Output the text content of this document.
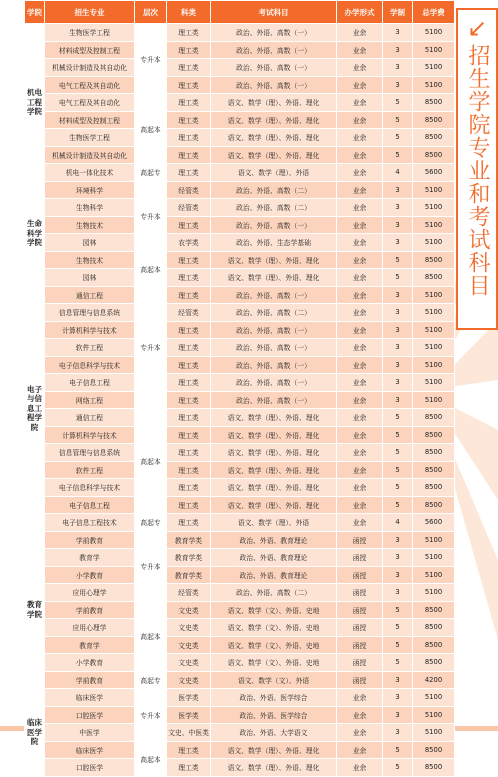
学院	招生专业	层次	科类	考试科目	办学形式	学制	总学费
机电工程学院	生物医学工程	专升本	理工类	政治、外语、高数（一）	业余	3	5100
	材料成型及控制工程		理工类	政治、外语、高数（一）	业余	3	5100
	机械设计制造及其自动化		理工类	政治、外语、高数（一）	业余	3	5100
	电气工程及其自动化		理工类	政治、外语、高数（一）	业余	3	5100
	电气工程及其自动化	高起本	理工类	语文、数学（理）、外语、理化	业余	5	8500
	材料成型及控制工程		理工类	语文、数学（理）、外语、理化	业余	5	8500
	生物医学工程		理工类	语文、数学（理）、外语、理化	业余	5	8500
	机械设计制造及其自动化		理工类	语文、数学（理）、外语、理化	业余	5	8500
	机电一体化技术	高起专	理工类	语文、数学（理）、外语	业余	4	5600
生命科学学院	环境科学	专升本	经管类	政治、外语、高数（二）	业余	3	5100
	生物科学		经管类	政治、外语、高数（二）	业余	3	5100
	生物技术		理工类	政治、外语、高数（一）	业余	3	5100
	园林		农学类	政治、外语、生态学基础	业余	3	5100
	生物技术	高起本	理工类	语文、数学（理）、外语、理化	业余	5	8500
	园林		理工类	语文、数学（理）、外语、理化	业余	5	8500
电子与信息工程学院	通信工程	专升本	理工类	政治、外语、高数（一）	业余	3	5100
	信息管理与信息系统		经管类	政治、外语、高数（二）	业余	3	5100
	计算机科学与技术		理工类	政治、外语、高数（一）	业余	3	5100
	软件工程		理工类	政治、外语、高数（一）	业余	3	5100
	电子信息科学与技术		理工类	政治、外语、高数（一）	业余	3	5100
	电子信息工程		理工类	政治、外语、高数（一）	业余	3	5100
	网络工程		理工类	政治、外语、高数（一）	业余	3	5100
	通信工程	高起本	理工类	语文、数学（理）、外语、理化	业余	5	8500
	计算机科学与技术		理工类	语文、数学（理）、外语、理化	业余	5	8500
	信息管理与信息系统		理工类	语文、数学（理）、外语、理化	业余	5	8500
	软件工程		理工类	语文、数学（理）、外语、理化	业余	5	8500
	电子信息科学与技术		理工类	语文、数学（理）、外语、理化	业余	5	8500
	电子信息工程		理工类	语文、数学（理）、外语、理化	业余	5	8500
	电子信息工程技术	高起专	理工类	语文、数学（理）、外语	业余	4	5600
教育学院	学前教育	专升本	教育学类	政治、外语、教育理论	函授	3	5100
	教育学		教育学类	政治、外语、教育理论	函授	3	5100
	小学教育		教育学类	政治、外语、教育理论	函授	3	5100
	应用心理学		经管类	政治、外语、高数（二）	函授	3	5100
	学前教育	高起本	文史类	语文、数学（文）、外语、史地	函授	5	8500
	应用心理学		文史类	语文、数学（文）、外语、史地	函授	5	8500
	教育学		文史类	语文、数学（文）、外语、史地	函授	5	8500
	小学教育		文史类	语文、数学（文）、外语、史地	函授	5	8500
	学前教育	高起专	文史类	语文、数学（文）、外语	函授	3	4200
临床医学院	临床医学	专升本	医学类	政治、外语、医学综合	业余	3	5100
	口腔医学		医学类	政治、外语、医学综合	业余	3	5100
	中医学		文史、中医类	政治、外语、大学语文	业余	3	5100
	临床医学	高起本	理工类	语文、数学（理）、外语、理化	业余	5	8500
	口腔医学		理工类	语文、数学（理）、外语、理化	业余	5	8500
↙
招生学院专业和考试科目
